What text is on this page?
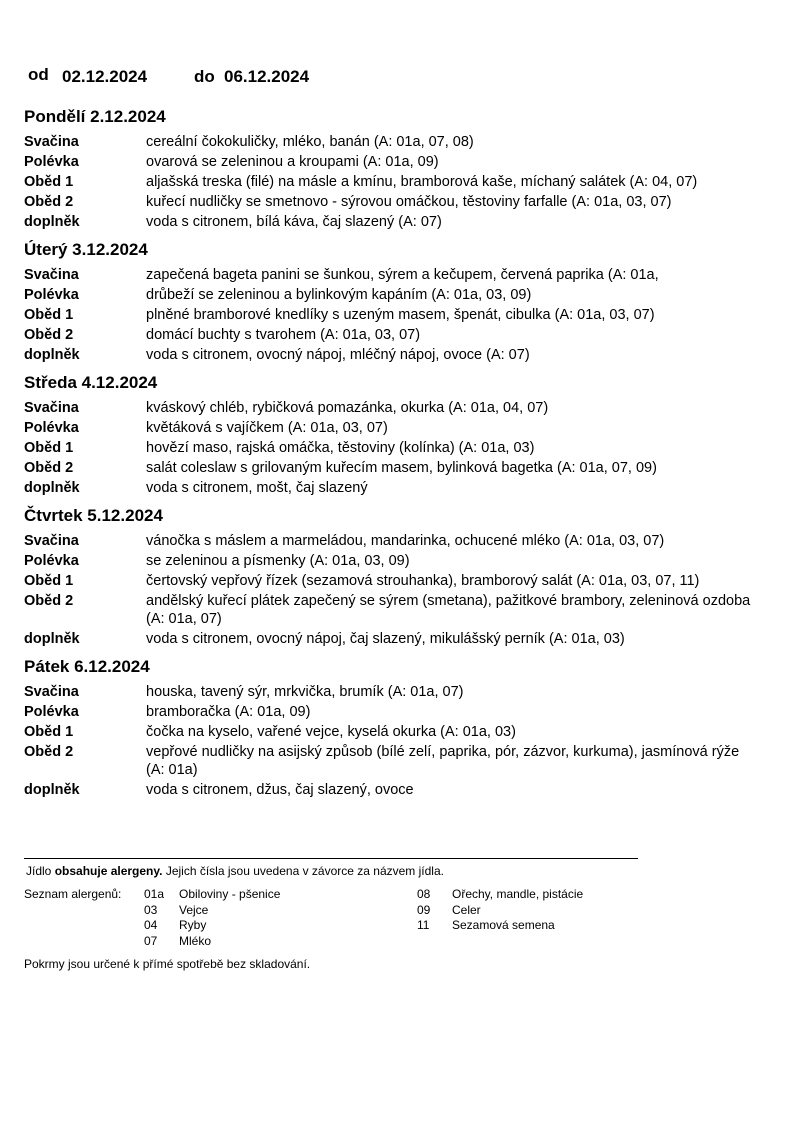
od 02.12.2024	do 06.12.2024
Pondělí 2.12.2024
Svačina	cereální čokokuličky, mléko, banán (A: 01a, 07, 08)
Polévka	ovarová se zeleninou a kroupami (A: 01a, 09)
Oběd 1	aljašská treska (filé) na másle a kmínu, bramborová kaše, míchaný salátek (A: 04, 07)
Oběd 2	kuřecí nudličky se smetnovo - sýrovou omáčkou, těstoviny farfalle (A: 01a, 03, 07)
doplněk	voda s citronem, bílá káva, čaj slazený (A: 07)
Úterý 3.12.2024
Svačina	zapečená bageta panini se šunkou, sýrem a kečupem, červená paprika (A: 01a,
Polévka	drůbeží se zeleninou a bylinkovým kapáním (A: 01a, 03, 09)
Oběd 1	plněné bramborové knedlíky s uzeným masem, špenát, cibulka (A: 01a, 03, 07)
Oběd 2	domácí buchty s tvarohem (A: 01a, 03, 07)
doplněk	voda s citronem, ovocný nápoj, mléčný nápoj, ovoce (A: 07)
Středa 4.12.2024
Svačina	kváskový chléb, rybičková pomazánka, okurka (A: 01a, 04, 07)
Polévka	květáková s vajíčkem (A: 01a, 03, 07)
Oběd 1	hovězí maso, rajská omáčka, těstoviny (kolínka) (A: 01a, 03)
Oběd 2	salát coleslaw s grilovaným kuřecím masem, bylinková bagetka (A: 01a, 07, 09)
doplněk	voda s citronem, mošt, čaj slazený
Čtvrtek 5.12.2024
Svačina	vánočka s máslem a marmeládou, mandarinka, ochucené mléko (A: 01a, 03, 07)
Polévka	se zeleninou a písmenky (A: 01a, 03, 09)
Oběd 1	čertovský vepřový řízek (sezamová strouhanka), bramborový salát (A: 01a, 03, 07, 11)
Oběd 2	andělský kuřecí plátek zapečený se sýrem (smetana), pažitkové brambory, zeleninová ozdoba (A: 01a, 07)
doplněk	voda s citronem, ovocný nápoj, čaj slazený, mikulášský perník (A: 01a, 03)
Pátek 6.12.2024
Svačina	houska, tavený sýr, mrkvička, brumík (A: 01a, 07)
Polévka	bramboračka (A: 01a, 09)
Oběd 1	čočka na kyselo, vařené vejce, kyselá okurka (A: 01a, 03)
Oběd 2	vepřové nudličky na asijský způsob (bílé zelí, paprika, pór, zázvor, kurkuma), jasmínová rýže (A: 01a)
doplněk	voda s citronem, džus, čaj slazený, ovoce
Jídlo obsahuje alergeny. Jejich čísla jsou uvedena v závorce za názvem jídla.
Seznam alergenů: 01a	Obiloviny - pšenice
03	Vejce
04	Ryby
07	Mléko
08	Ořechy, mandle, pistácie
09	Celer
11	Sezamová semena
Pokrmy jsou určené k přímé spotřebě bez skladování.
